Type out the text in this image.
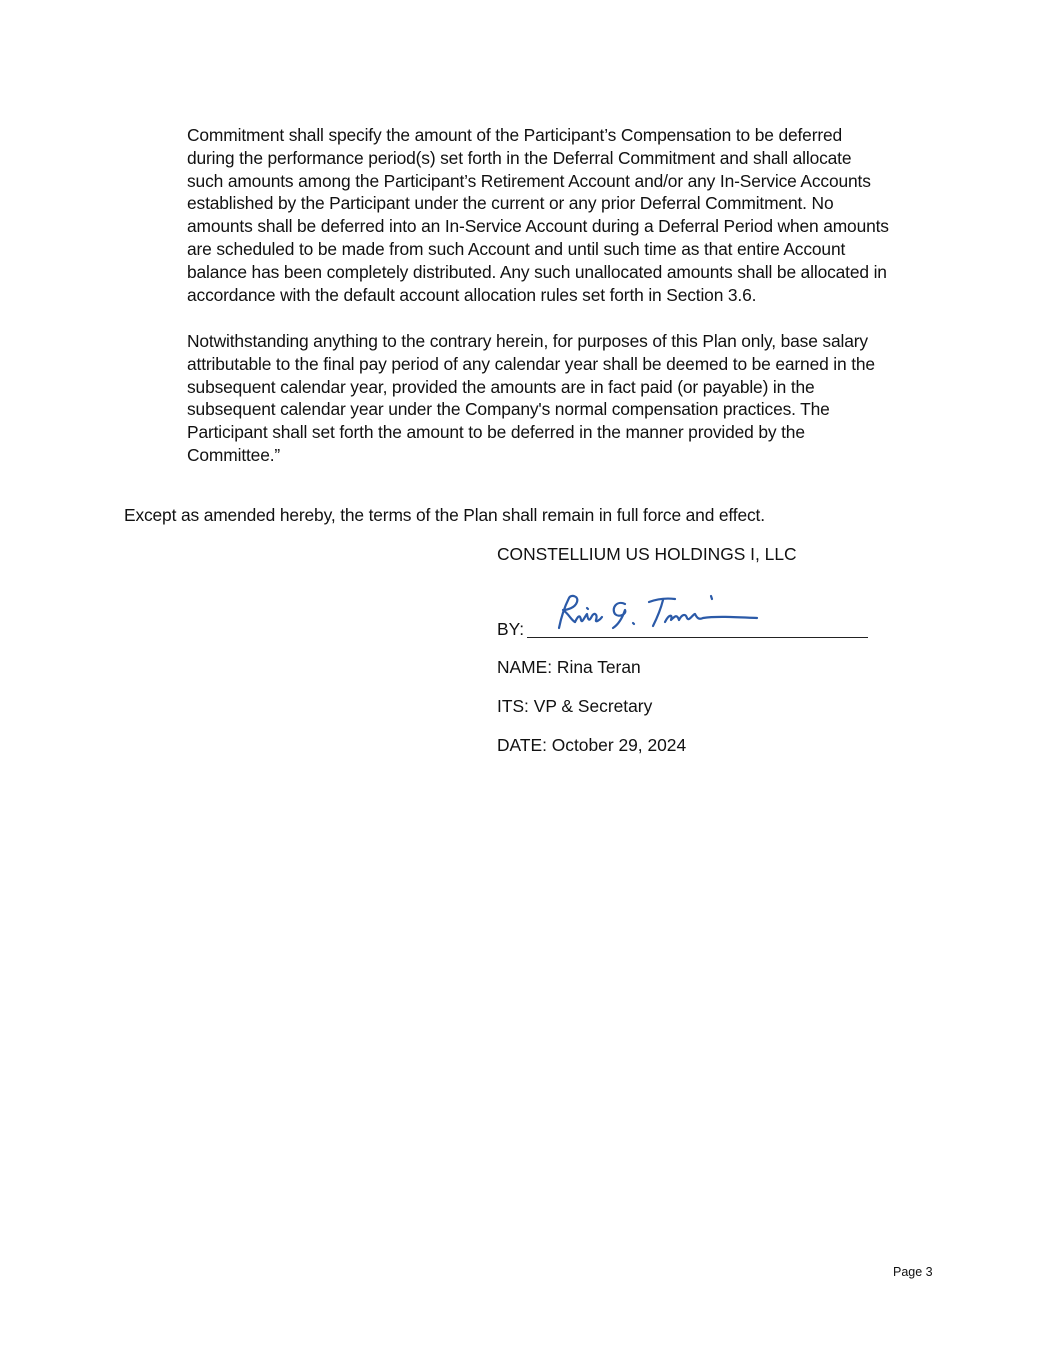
Commitment shall specify the amount of the Participant’s Compensation to be deferred
during the performance period(s) set forth in the Deferral Commitment and shall allocate
such amounts among the Participant’s Retirement Account and/or any In-Service Accounts
established by the Participant under the current or any prior Deferral Commitment. No
amounts shall be deferred into an In-Service Account during a Deferral Period when amounts
are scheduled to be made from such Account and until such time as that entire Account
balance has been completely distributed. Any such unallocated amounts shall be allocated in
accordance with the default account allocation rules set forth in Section 3.6.
Notwithstanding anything to the contrary herein, for purposes of this Plan only, base salary
attributable to the final pay period of any calendar year shall be deemed to be earned in the
subsequent calendar year, provided the amounts are in fact paid (or payable) in the
subsequent calendar year under the Company's normal compensation practices. The
Participant shall set forth the amount to be deferred in the manner provided by the
Committee.”
Except as amended hereby, the terms of the Plan shall remain in full force and effect.
CONSTELLIUM US HOLDINGS I, LLC
BY:
NAME: Rina Teran
ITS: VP & Secretary
DATE: October 29, 2024
Page 3
